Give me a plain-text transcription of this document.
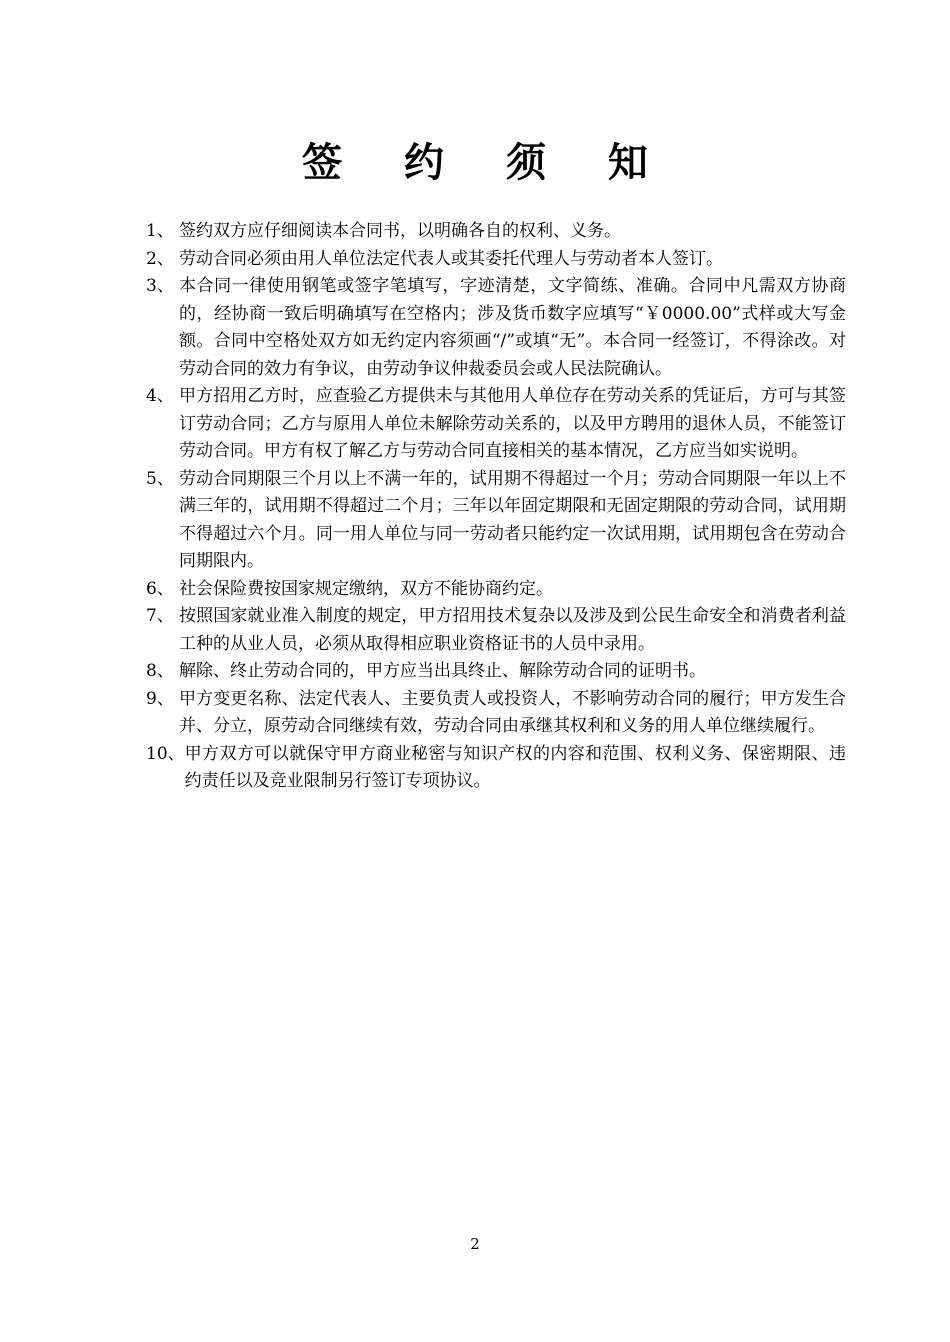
签 约 须 知
1、 签约双方应仔细阅读本合同书，以明确各自的权利、义务。
2、 劳动合同必须由用人单位法定代表人或其委托代理人与劳动者本人签订。
3、 本合同一律使用钢笔或签字笔填写，字迹清楚，文字简练、准确。合同中凡需双方协商的，经协商一致后明确填写在空格内；涉及货币数字应填写“￥0000.00”式样或大写金额。合同中空格处双方如无约定内容须画“/”或填“无”。本合同一经签订，不得涂改。对劳动合同的效力有争议，由劳动争议仲裁委员会或人民法院确认。
4、 甲方招用乙方时，应查验乙方提供未与其他用人单位存在劳动关系的凭证后，方可与其签订劳动合同；乙方与原用人单位未解除劳动关系的，以及甲方聘用的退休人员，不能签订劳动合同。甲方有权了解乙方与劳动合同直接相关的基本情况，乙方应当如实说明。
5、 劳动合同期限三个月以上不满一年的，试用期不得超过一个月；劳动合同期限一年以上不满三年的，试用期不得超过二个月；三年以年固定期限和无固定期限的劳动合同，试用期不得超过六个月。同一用人单位与同一劳动者只能约定一次试用期，试用期包含在劳动合同期限内。
6、 社会保险费按国家规定缴纳，双方不能协商约定。
7、 按照国家就业准入制度的规定，甲方招用技术复杂以及涉及到公民生命安全和消费者利益工种的从业人员，必须从取得相应职业资格证书的人员中录用。
8、 解除、终止劳动合同的，甲方应当出具终止、解除劳动合同的证明书。
9、 甲方变更名称、法定代表人、主要负责人或投资人，不影响劳动合同的履行；甲方发生合并、分立，原劳动合同继续有效，劳动合同由承继其权利和义务的用人单位继续履行。
10、 甲方双方可以就保守甲方商业秘密与知识产权的内容和范围、权利义务、保密期限、违约责任以及竞业限制另行签订专项协议。
2
